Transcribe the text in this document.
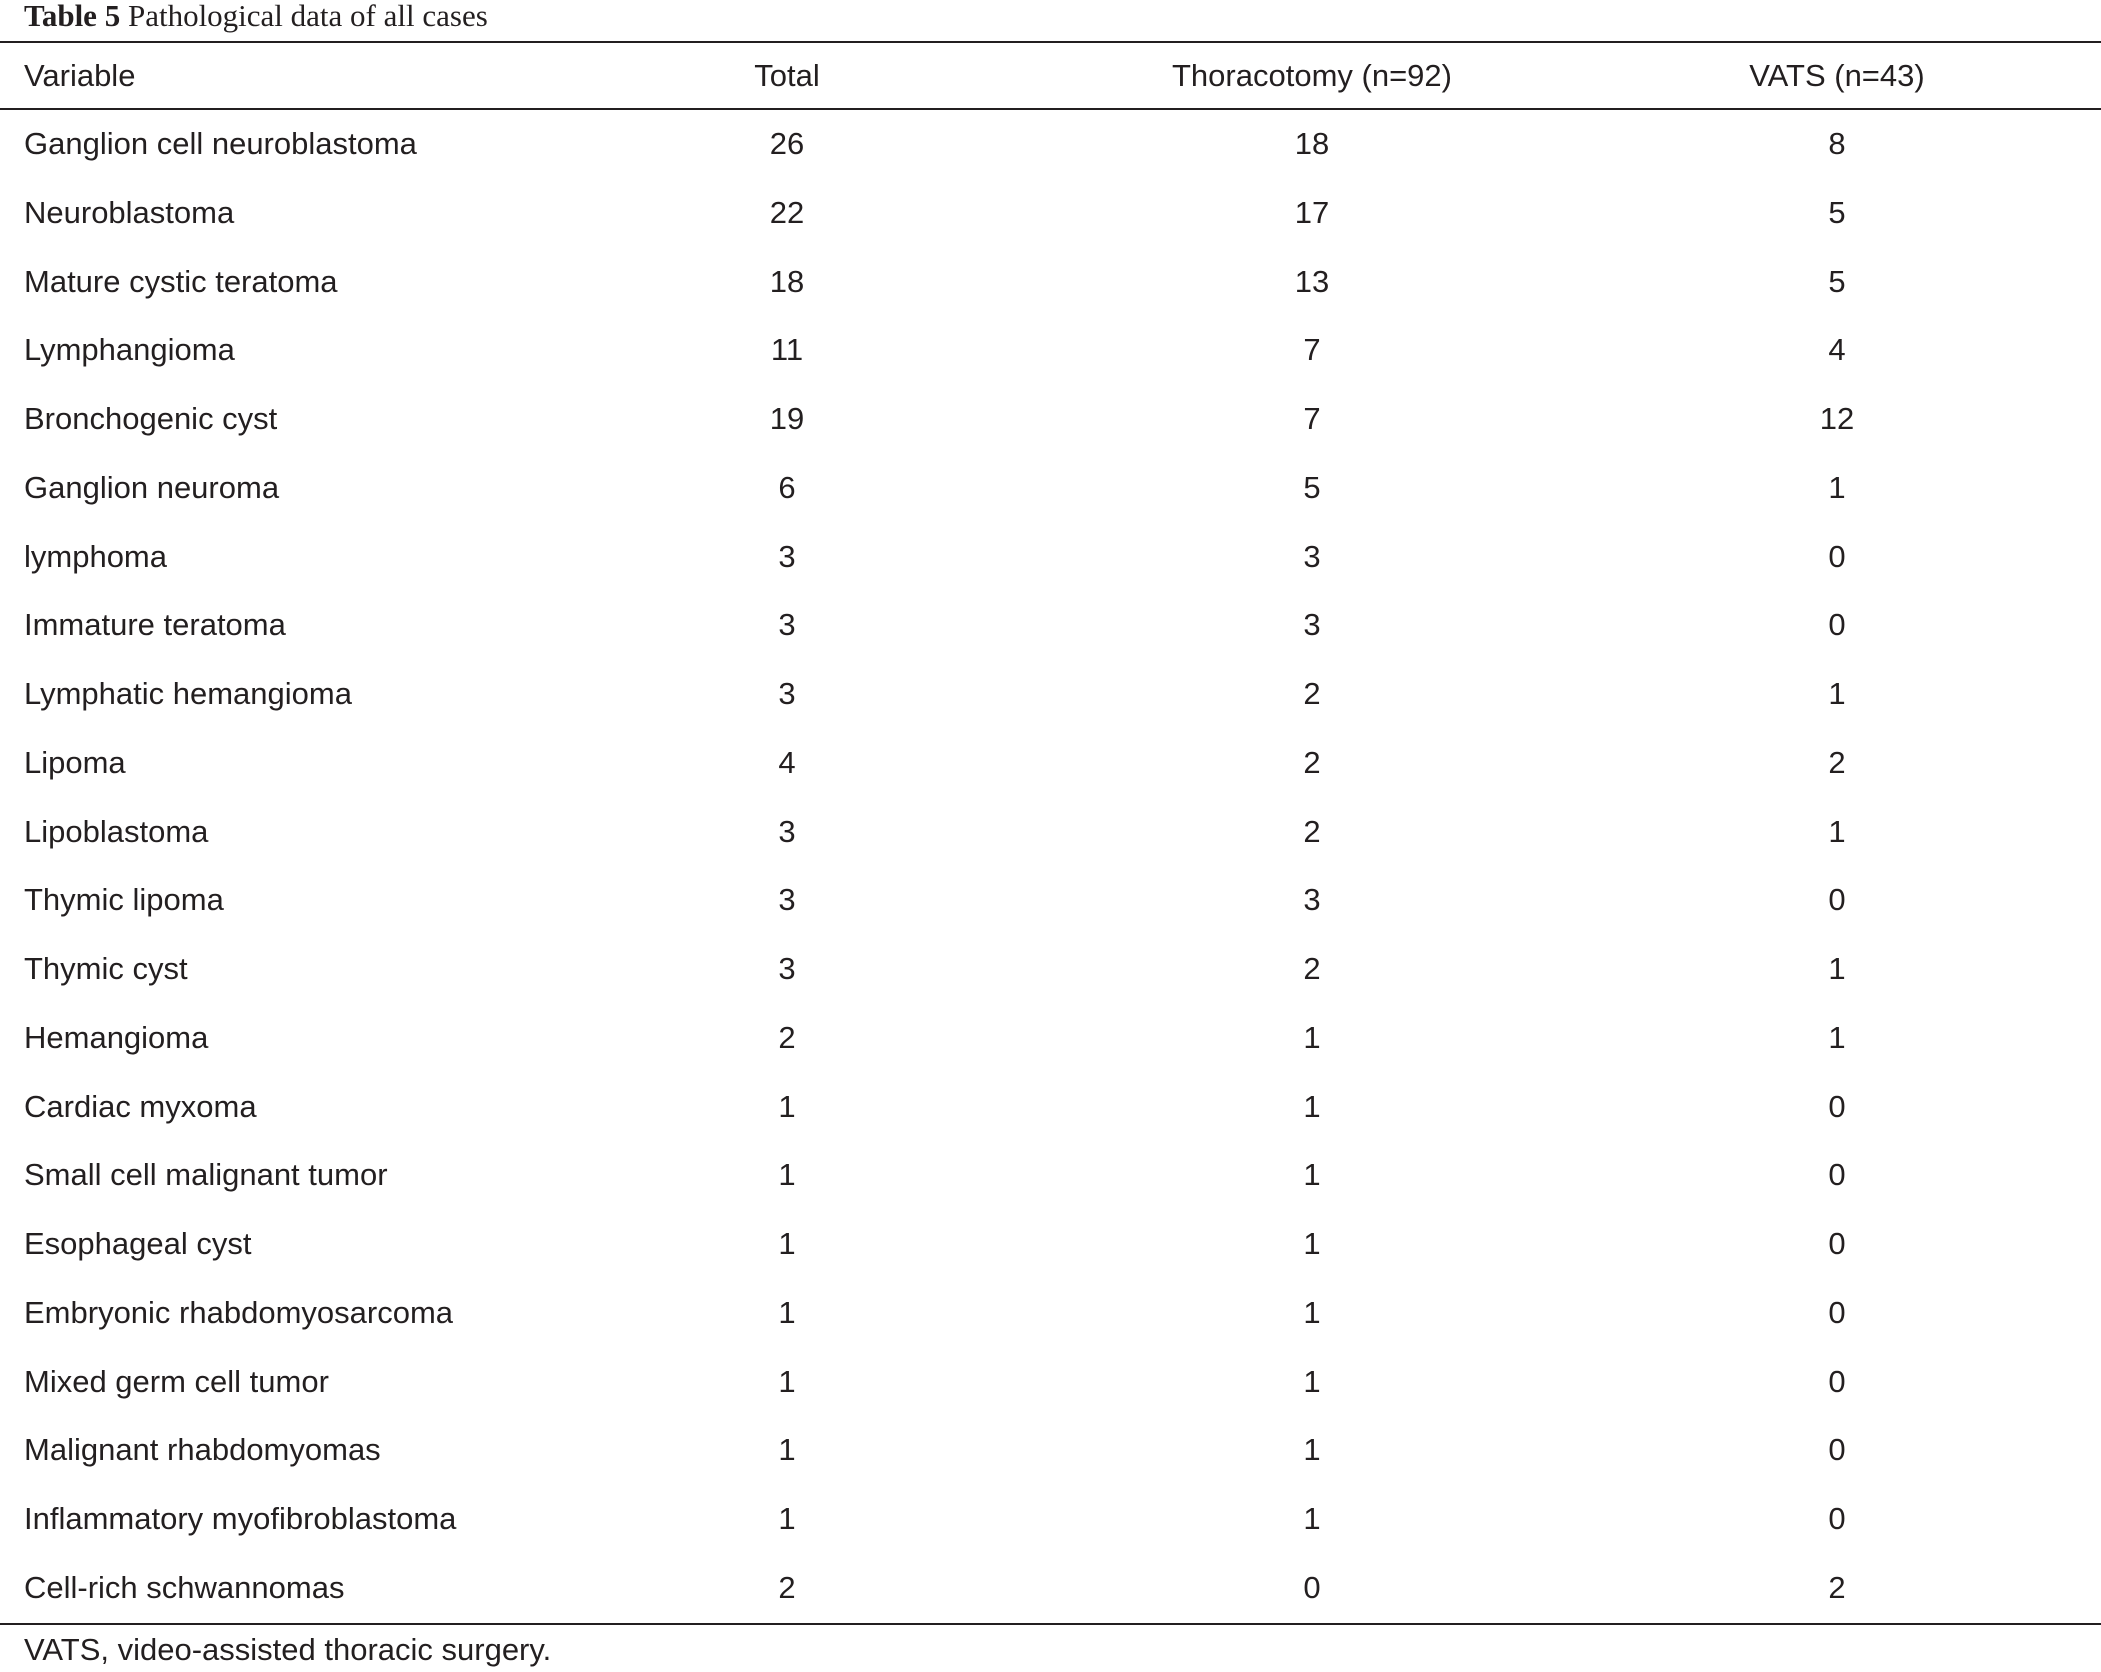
Table 5 Pathological data of all cases
Variable	Total	Thoracotomy (n=92)	VATS (n=43)
Ganglion cell neuroblastoma	26	18	8
Neuroblastoma	22	17	5
Mature cystic teratoma	18	13	5
Lymphangioma	11	7	4
Bronchogenic cyst	19	7	12
Ganglion neuroma	6	5	1
lymphoma	3	3	0
Immature teratoma	3	3	0
Lymphatic hemangioma	3	2	1
Lipoma	4	2	2
Lipoblastoma	3	2	1
Thymic lipoma	3	3	0
Thymic cyst	3	2	1
Hemangioma	2	1	1
Cardiac myxoma	1	1	0
Small cell malignant tumor	1	1	0
Esophageal cyst	1	1	0
Embryonic rhabdomyosarcoma	1	1	0
Mixed germ cell tumor	1	1	0
Malignant rhabdomyomas	1	1	0
Inflammatory myofibroblastoma	1	1	0
Cell-rich schwannomas	2	0	2
VATS, video-assisted thoracic surgery.
